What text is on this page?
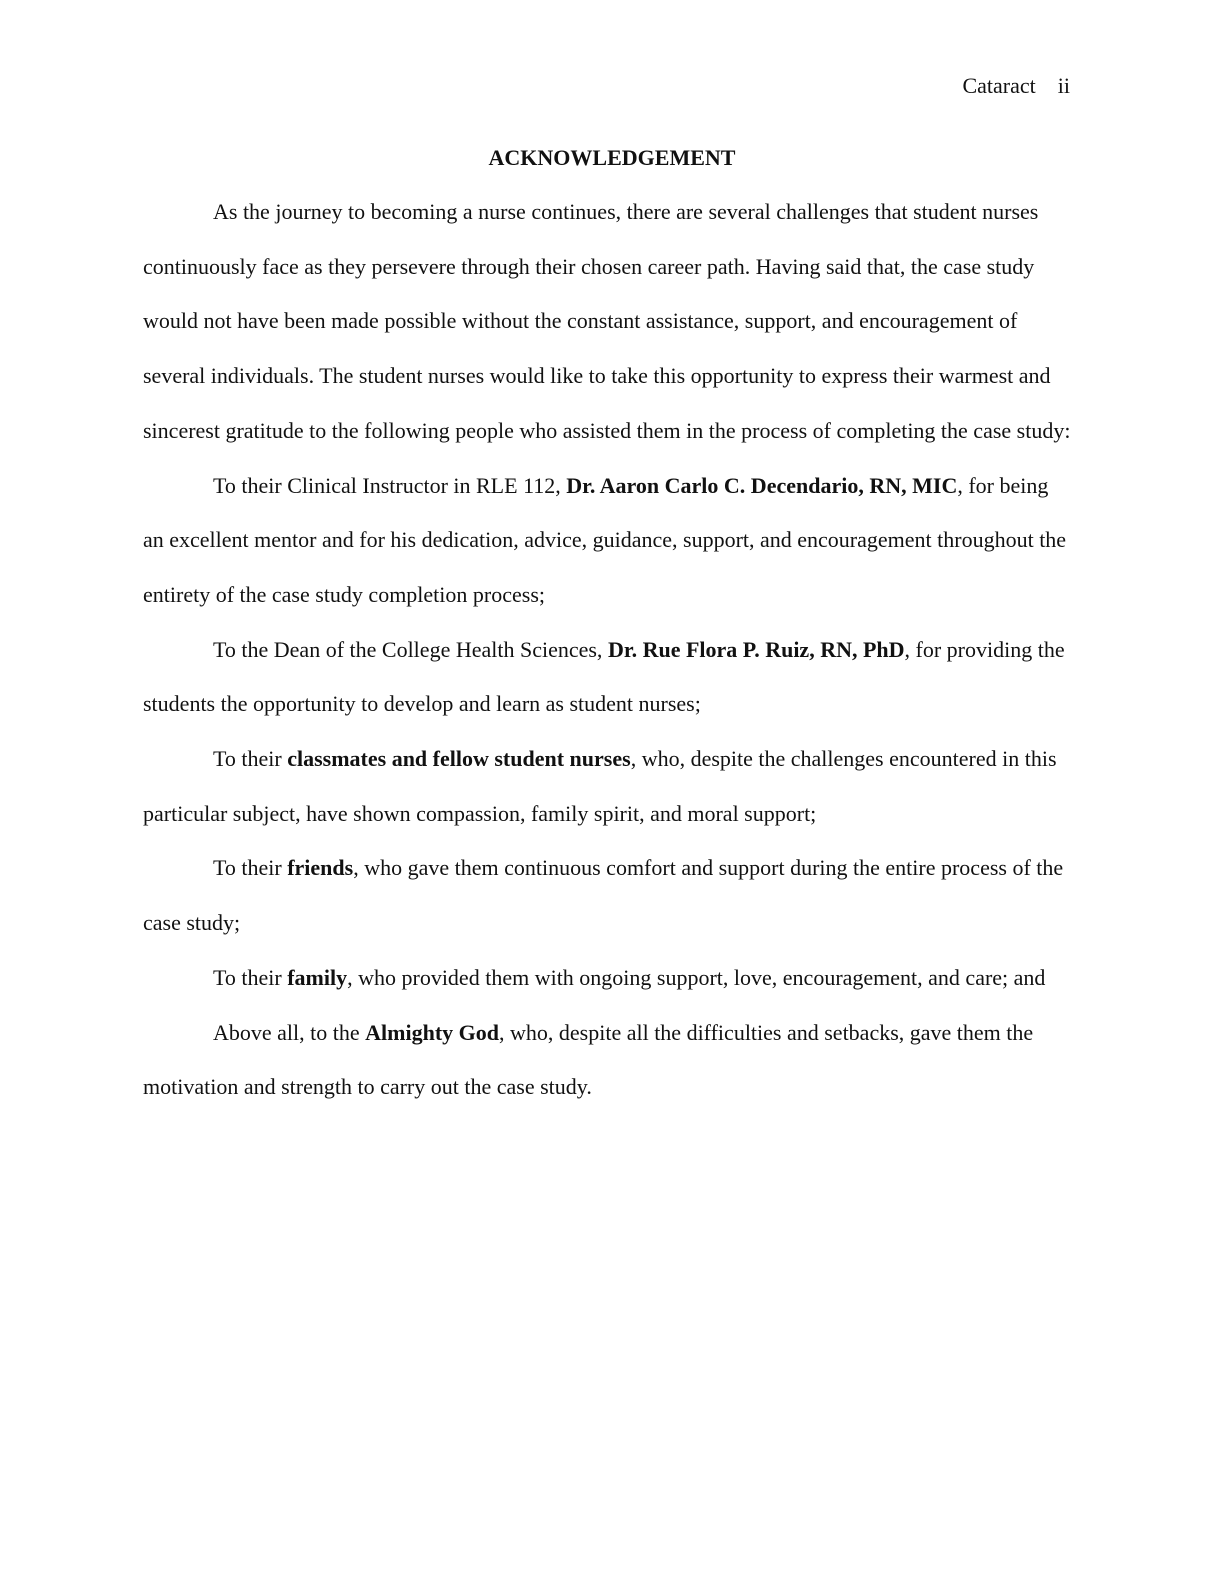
Cataract ii
ACKNOWLEDGEMENT

As the journey to becoming a nurse continues, there are several challenges that student nurses continuously face as they persevere through their chosen career path. Having said that, the case study would not have been made possible without the constant assistance, support, and encouragement of several individuals. The student nurses would like to take this opportunity to express their warmest and sincerest gratitude to the following people who assisted them in the process of completing the case study:

To their Clinical Instructor in RLE 112, Dr. Aaron Carlo C. Decendario, RN, MIC, for being an excellent mentor and for his dedication, advice, guidance, support, and encouragement throughout the entirety of the case study completion process;

To the Dean of the College Health Sciences, Dr. Rue Flora P. Ruiz, RN, PhD, for providing the students the opportunity to develop and learn as student nurses;

To their classmates and fellow student nurses, who, despite the challenges encountered in this particular subject, have shown compassion, family spirit, and moral support;

To their friends, who gave them continuous comfort and support during the entire process of the case study;

To their family, who provided them with ongoing support, love, encouragement, and care; and

Above all, to the Almighty God, who, despite all the difficulties and setbacks, gave them the motivation and strength to carry out the case study.
